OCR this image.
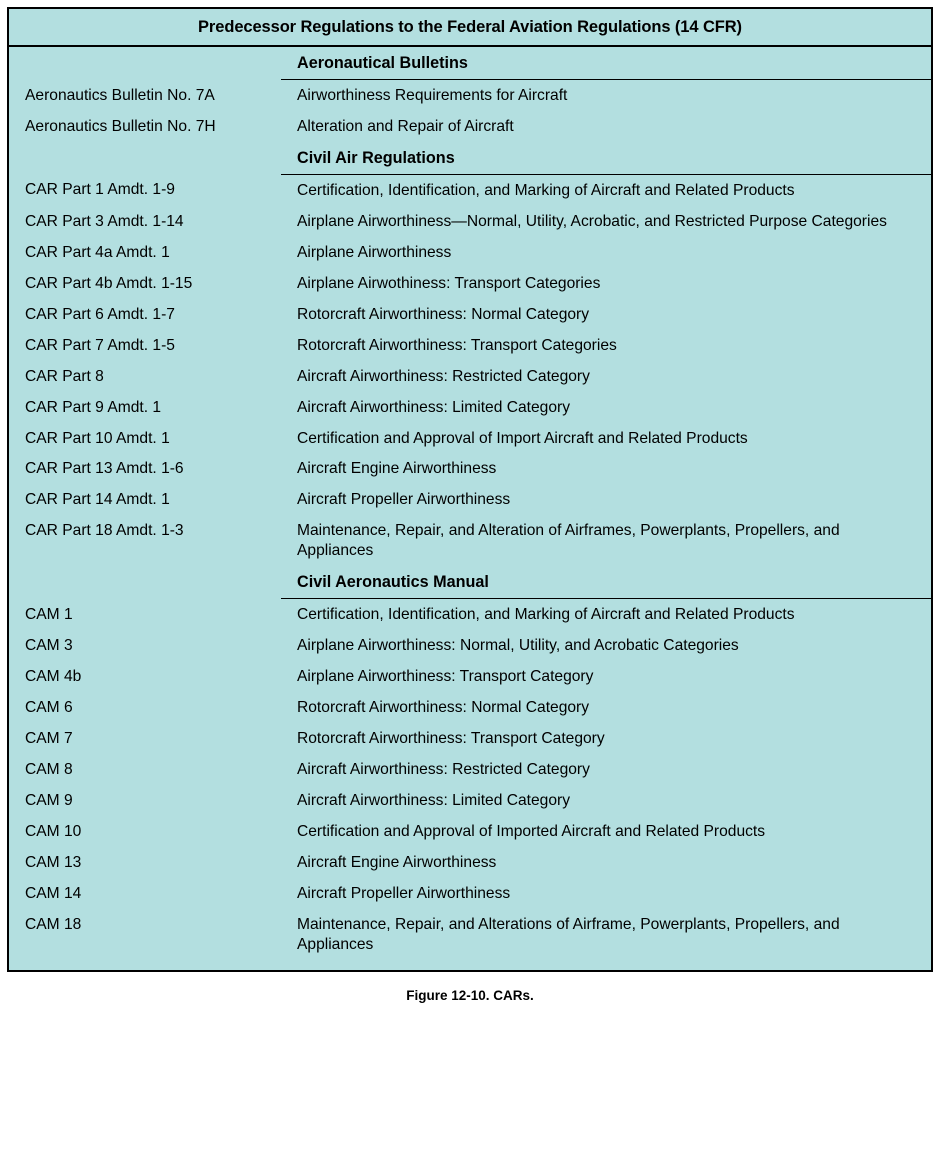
Predecessor Regulations to the Federal Aviation Regulations (14 CFR)
	Aeronautical Bulletins
Aeronautics Bulletin No. 7A	Airworthiness Requirements for Aircraft
Aeronautics Bulletin No. 7H	Alteration and Repair of Aircraft
	Civil Air Regulations
CAR Part 1 Amdt. 1-9	Certification, Identification, and Marking of Aircraft and Related Products
CAR Part 3 Amdt. 1-14	Airplane Airworthiness—Normal, Utility, Acrobatic, and Restricted Purpose Categories
CAR Part 4a Amdt. 1	Airplane Airworthiness
CAR Part 4b Amdt. 1-15	Airplane Airwothiness: Transport Categories
CAR Part 6 Amdt. 1-7	Rotorcraft Airworthiness: Normal Category
CAR Part 7 Amdt. 1-5	Rotorcraft Airworthiness: Transport Categories
CAR Part 8	Aircraft Airworthiness: Restricted Category
CAR Part 9 Amdt. 1	Aircraft Airworthiness: Limited Category
CAR Part 10 Amdt. 1	Certification and Approval of Import Aircraft and Related Products
CAR Part 13 Amdt. 1-6	Aircraft Engine Airworthiness
CAR Part 14 Amdt. 1	Aircraft Propeller Airworthiness
CAR Part 18 Amdt. 1-3	Maintenance, Repair, and Alteration of Airframes, Powerplants, Propellers, and Appliances
	Civil Aeronautics Manual
CAM 1	Certification, Identification, and Marking of Aircraft and Related Products
CAM 3	Airplane Airworthiness: Normal, Utility, and Acrobatic Categories
CAM 4b	Airplane Airworthiness: Transport Category
CAM 6	Rotorcraft Airworthiness: Normal Category
CAM 7	Rotorcraft Airworthiness: Transport Category
CAM 8	Aircraft Airworthiness: Restricted Category
CAM 9	Aircraft Airworthiness: Limited Category
CAM 10	Certification and Approval of Imported Aircraft and Related Products
CAM 13	Aircraft Engine Airworthiness
CAM 14	Aircraft Propeller Airworthiness
CAM 18	Maintenance, Repair, and Alterations of Airframe, Powerplants, Propellers, and Appliances

Figure 12-10. CARs.
